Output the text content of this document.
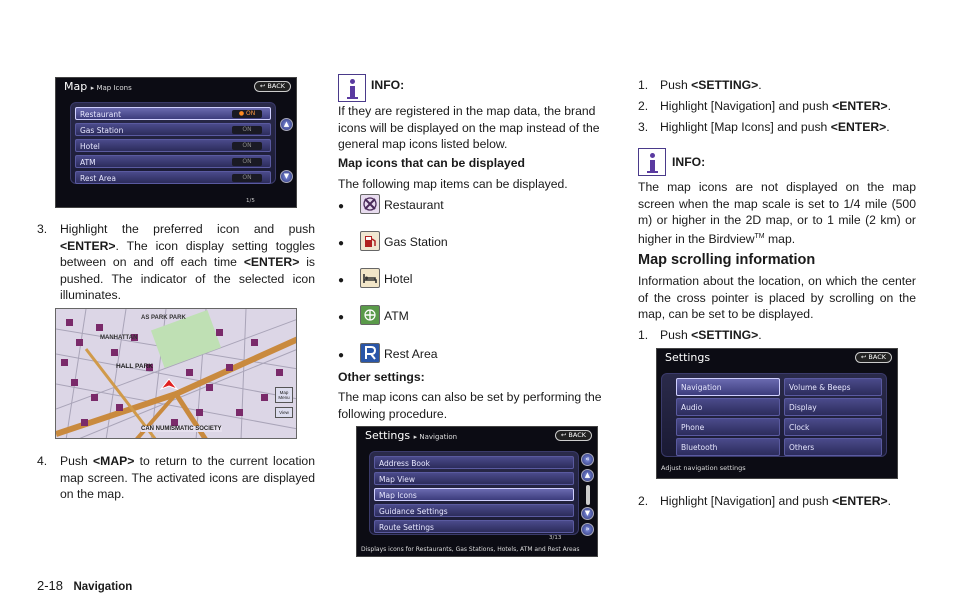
Map ▸ Map Icons	↩ BACK
Restaurant
●	ON
Gas Station	ON
Hotel	ON
ATM	ON
Rest Area	ON
▲
▼
1/5
3. Highlight the preferred icon and push <ENTER>. The icon display setting toggles between on and off each time <ENTER> is pushed. The indicator of the selected icon illuminates.
AS PARK PARK
MANHATTAN
HALL PARK
CAN NUMISMATIC SOCIETY
Map Menu
View
4. Push <MAP> to return to the current location map screen. The activated icons are displayed on the map.
INFO:
If they are registered in the map data, the brand icons will be displayed on the map instead of the general map icons listed below.
Map icons that can be displayed
The following map items can be displayed.
●	Restaurant
●	Gas Station
●	Hotel
●	ATM
●	Rest Area
Other settings:
The map icons can also be set by performing the following procedure.
Settings ▸ Navigation	↩ BACK
Address Book
Map View
Map Icons
Guidance Settings
Route Settings
«
▲
▼
»
3/13
Displays icons for Restaurants, Gas Stations, Hotels, ATM and Rest Areas
1. Push <SETTING>.
2. Highlight [Navigation] and push <ENTER>.
3. Highlight [Map Icons] and push <ENTER>.
INFO:
The map icons are not displayed on the map screen when the map scale is set to 1/4 mile (500 m) or higher in the 2D map, or to 1 mile (2 km) or higher in the Birdview™ map.
Map scrolling information
Information about the location, on which the center of the cross pointer is placed by scrolling on the map, can be set to be displayed.
1. Push <SETTING>.
Settings	↩ BACK
Navigation
Audio
Phone
Bluetooth
Volume & Beeps
Display
Clock
Others
Adjust navigation settings
2. Highlight [Navigation] and push <ENTER>.
2-18 Navigation
